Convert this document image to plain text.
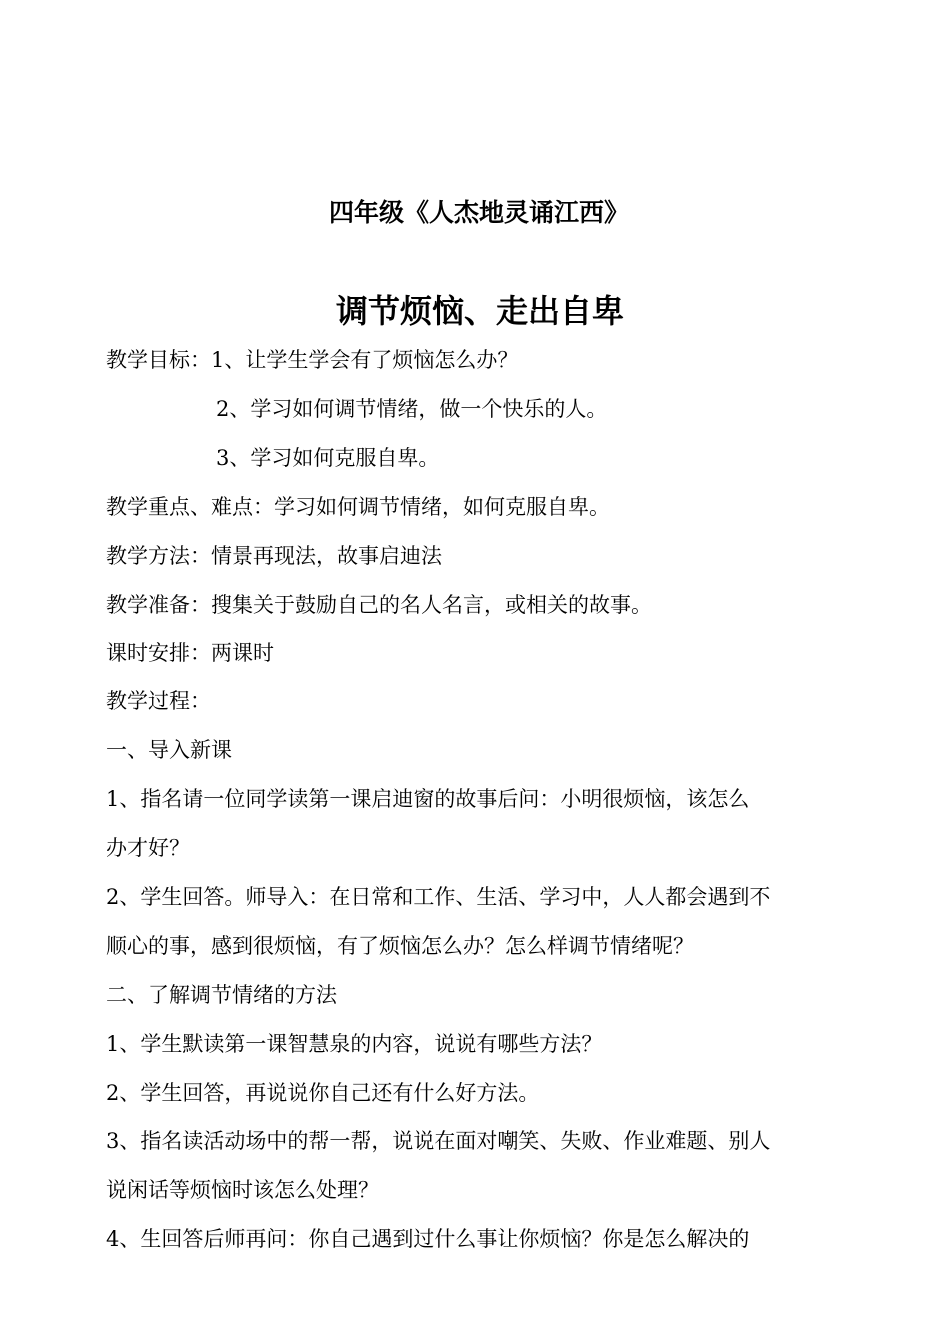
四年级《人杰地灵诵江西》
调节烦恼、走出自卑
教学目标：1、让学生学会有了烦恼怎么办？
2、学习如何调节情绪，做一个快乐的人。
3、学习如何克服自卑。
教学重点、难点：学习如何调节情绪，如何克服自卑。
教学方法：情景再现法，故事启迪法
教学准备：搜集关于鼓励自己的名人名言，或相关的故事。
课时安排：两课时
教学过程：
一、导入新课
1、指名请一位同学读第一课启迪窗的故事后问：小明很烦恼，该怎么
办才好？
2、学生回答。师导入：在日常和工作、生活、学习中，人人都会遇到不
顺心的事，感到很烦恼，有了烦恼怎么办？怎么样调节情绪呢？
二、了解调节情绪的方法
1、学生默读第一课智慧泉的内容，说说有哪些方法？
2、学生回答，再说说你自己还有什么好方法。
3、指名读活动场中的帮一帮，说说在面对嘲笑、失败、作业难题、别人
说闲话等烦恼时该怎么处理？
4、生回答后师再问：你自己遇到过什么事让你烦恼？你是怎么解决的
